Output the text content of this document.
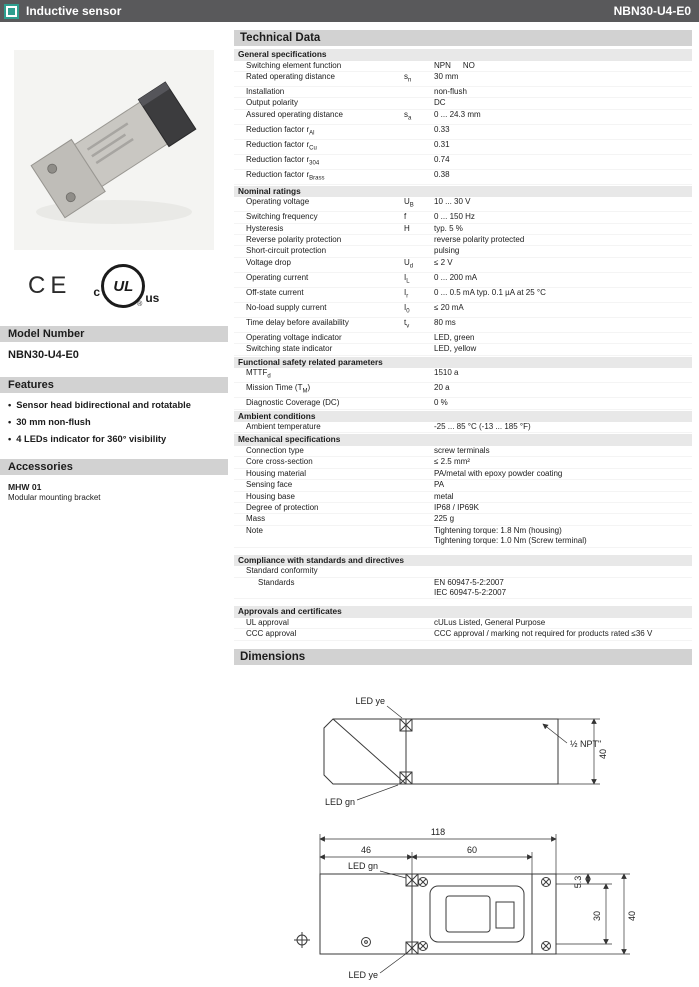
Inductive sensor	NBN30-U4-E0
CE c UL
us
®
Model Number
NBN30-U4-E0
Features
• Sensor head bidirectional and rotatable
• 30 mm non-flush
• 4 LEDs indicator for 360° visibility
Accessories
MHW 01
Modular mounting bracket
Technical Data
General specifications
Switching element function	NPN  NO
Rated operating distance	$s_n$	30 mm
Installation	non-flush
Output polarity	DC
Assured operating distance	$s_a$	0 ... 24.3 mm
Reduction factor $r_{Al}$	0.33
Reduction factor $r_{Cu}$	0.31
Reduction factor $r_{304}$	0.74
Reduction factor $r_{Brass}$	0.38
Nominal ratings
Operating voltage	$U_B$	10 ... 30 V
Switching frequency	f	0 ... 150 Hz
Hysteresis	H	typ. 5 %
Reverse polarity protection	reverse polarity protected
Short-circuit protection	pulsing
Voltage drop	$U_d$	≤ 2 V
Operating current	$I_L$	0 ... 200 mA
Off-state current	$I_r$	0 ... 0.5 mA typ. 0.1 µA at 25 °C
No-load supply current	$I_0$	≤ 20 mA
Time delay before availability	$t_v$	80 ms
Operating voltage indicator	LED, green
Switching state indicator	LED, yellow
Functional safety related parameters
$MTTF_d$	1510 a
Mission Time $(T_M)$	20 a
Diagnostic Coverage (DC)	0 %
Ambient conditions
Ambient temperature	-25 ... 85 °C (-13 ... 185 °F)
Mechanical specifications
Connection type	screw terminals
Core cross-section	≤ 2.5 mm²
Housing material	PA/metal with epoxy powder coating
Sensing face	PA
Housing base	metal
Degree of protection	IP68 / IP69K
Mass	225 g
Note	Tightening torque: 1.8 Nm (housing)
Tightening torque: 1.0 Nm (Screw terminal)
Compliance with standards and directives
Standard conformity
Standards	EN 60947-5-2:2007
IEC 60947-5-2:2007
Approvals and certificates
UL approval	cULus Listed, General Purpose
CCC approval	CCC approval / marking not required for products rated ≤36 V
Dimensions
LED ye
LED gn
½ NPT"
40
118
46	60
LED gn
LED ye
5.3
30	40
